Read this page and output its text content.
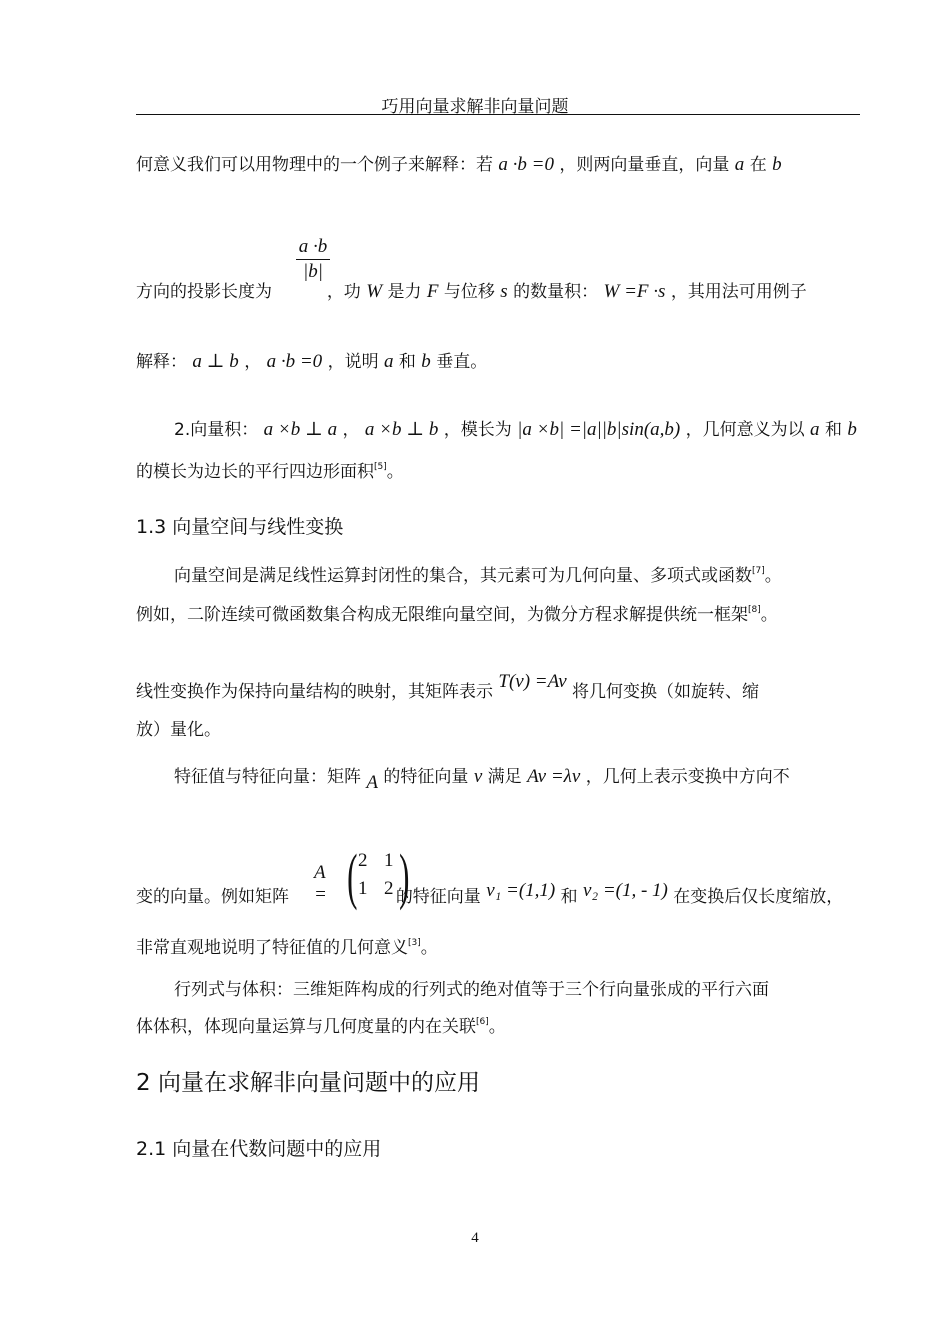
巧用向量求解非向量问题
何意义我们可以用物理中的一个例子来解释：若 a ·b =0 ，则两向量垂直，向量 a 在 b
a ·b
|b|
方向的投影长度为	，功 W 是力 F 与位移 s 的数量积： W =F ·s ，其用法可用例子
解释： a ⊥ b ， a ·b =0 ，说明 a 和 b 垂直。
2.向量积： a ×b ⊥ a ， a ×b ⊥ b ，模长为 |a ×b| =|a||b|sin(a,b) ，几何意义为以 a 和 b
的模长为边长的平行四边形面积[5]。
1.3 向量空间与线性变换
向量空间是满足线性运算封闭性的集合，其元素可为几何向量、多项式或函数[7]。
例如，二阶连续可微函数集合构成无限维向量空间，为微分方程求解提供统一框架[8]。
线性变换作为保持向量结构的映射，其矩阵表示 T(v) =Av 将几何变换（如旋转、缩
放）量化。
特征值与特征向量：矩阵 A 的特征向量 v 满足 Av =λv ，几何上表示变换中方向不
A = ( 2 1
1 2 )
变的向量。例如矩阵	的特征向量 v₁ =(1,1) 和 v₂ =(1, - 1) 在变换后仅长度缩放，
非常直观地说明了特征值的几何意义[3]。
行列式与体积：三维矩阵构成的行列式的绝对值等于三个行向量张成的平行六面
体体积，体现向量运算与几何度量的内在关联[6]。
2 向量在求解非向量问题中的应用
2.1 向量在代数问题中的应用
4
